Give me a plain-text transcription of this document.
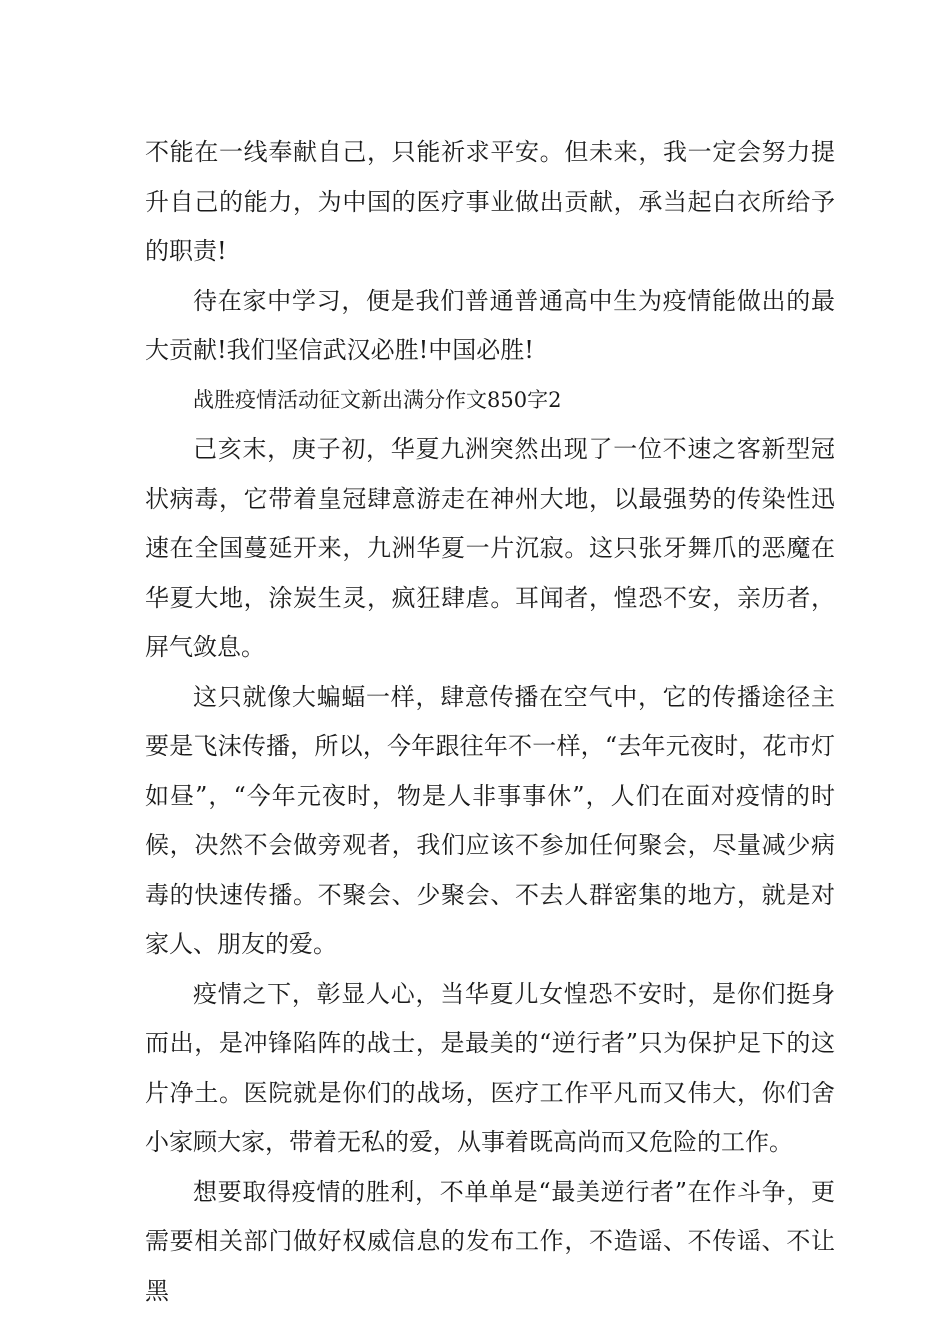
不能在一线奉献自己，只能祈求平安。但未来，我一定会努力提升自己的能力，为中国的医疗事业做出贡献，承当起白衣所给予的职责!

待在家中学习，便是我们普通普通高中生为疫情能做出的最大贡献!我们坚信武汉必胜!中国必胜!

战胜疫情活动征文新出满分作文850字2

己亥末，庚子初，华夏九洲突然出现了一位不速之客新型冠状病毒，它带着皇冠肆意游走在神州大地，以最强势的传染性迅速在全国蔓延开来，九洲华夏一片沉寂。这只张牙舞爪的恶魔在华夏大地，涂炭生灵，疯狂肆虐。耳闻者，惶恐不安，亲历者，屏气敛息。

这只就像大蝙蝠一样，肆意传播在空气中，它的传播途径主要是飞沫传播，所以，今年跟往年不一样，“去年元夜时，花市灯如昼”，“今年元夜时，物是人非事事休”，人们在面对疫情的时候，决然不会做旁观者，我们应该不参加任何聚会，尽量减少病毒的快速传播。不聚会、少聚会、不去人群密集的地方，就是对家人、朋友的爱。

疫情之下，彰显人心，当华夏儿女惶恐不安时，是你们挺身而出，是冲锋陷阵的战士，是最美的“逆行者”只为保护足下的这片净土。医院就是你们的战场，医疗工作平凡而又伟大，你们舍小家顾大家，带着无私的爱，从事着既高尚而又危险的工作。

想要取得疫情的胜利，不单单是“最美逆行者”在作斗争，更需要相关部门做好权威信息的发布工作，不造谣、不传谣、不让黑
